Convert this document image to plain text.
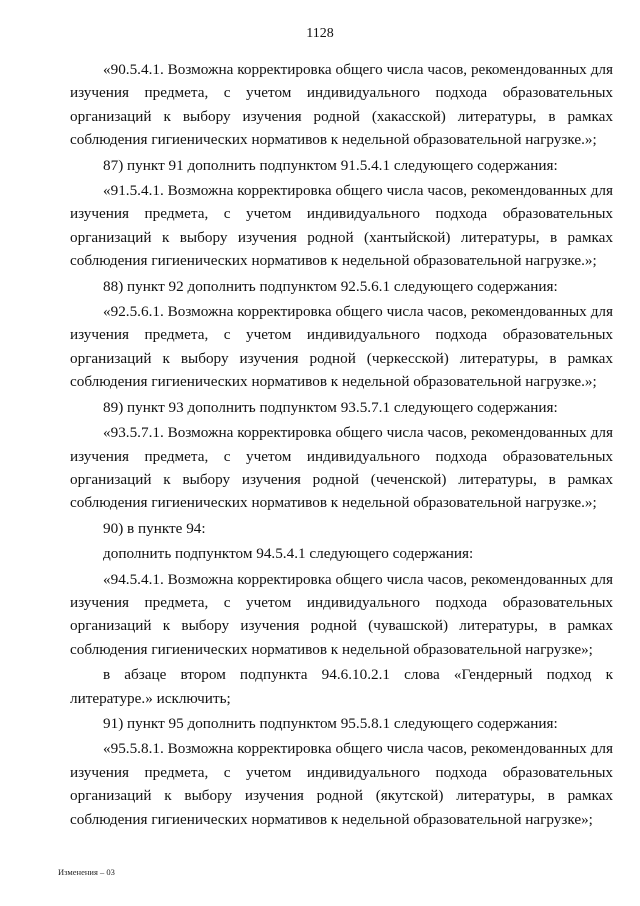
1128

«90.5.4.1. Возможна корректировка общего числа часов, рекомендованных для изучения предмета, с учетом индивидуального подхода образовательных организаций к выбору изучения родной (хакасской) литературы, в рамках соблюдения гигиенических нормативов к недельной образовательной нагрузке.»;

87) пункт 91 дополнить подпунктом 91.5.4.1 следующего содержания:

«91.5.4.1. Возможна корректировка общего числа часов, рекомендованных для изучения предмета, с учетом индивидуального подхода образовательных организаций к выбору изучения родной (хантыйской) литературы, в рамках соблюдения гигиенических нормативов к недельной образовательной нагрузке.»;

88) пункт 92 дополнить подпунктом 92.5.6.1 следующего содержания:

«92.5.6.1. Возможна корректировка общего числа часов, рекомендованных для изучения предмета, с учетом индивидуального подхода образовательных организаций к выбору изучения родной (черкесской) литературы, в рамках соблюдения гигиенических нормативов к недельной образовательной нагрузке.»;

89) пункт 93 дополнить подпунктом 93.5.7.1 следующего содержания:

«93.5.7.1. Возможна корректировка общего числа часов, рекомендованных для изучения предмета, с учетом индивидуального подхода образовательных организаций к выбору изучения родной (чеченской) литературы, в рамках соблюдения гигиенических нормативов к недельной образовательной нагрузке.»;

90) в пункте 94:

дополнить подпунктом 94.5.4.1 следующего содержания:

«94.5.4.1. Возможна корректировка общего числа часов, рекомендованных для изучения предмета, с учетом индивидуального подхода образовательных организаций к выбору изучения родной (чувашской) литературы, в рамках соблюдения гигиенических нормативов к недельной образовательной нагрузке»;

в абзаце втором подпункта 94.6.10.2.1 слова «Гендерный подход к литературе.» исключить;

91) пункт 95 дополнить подпунктом 95.5.8.1 следующего содержания:

«95.5.8.1. Возможна корректировка общего числа часов, рекомендованных для изучения предмета, с учетом индивидуального подхода образовательных организаций к выбору изучения родной (якутской) литературы, в рамках соблюдения гигиенических нормативов к недельной образовательной нагрузке»;

Изменения – 03
